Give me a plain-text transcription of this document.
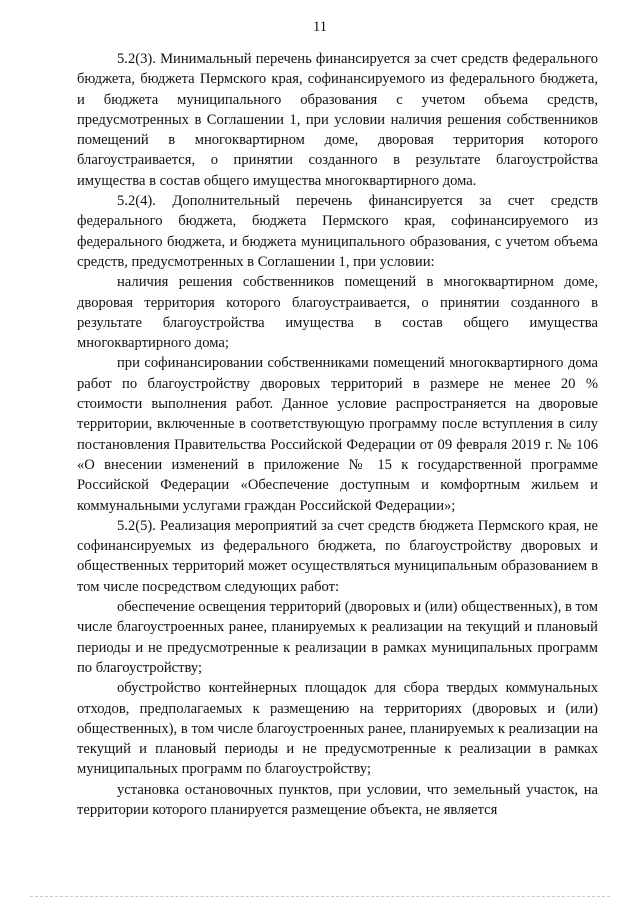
11

5.2(3). Минимальный перечень финансируется за счет средств федерального бюджета, бюджета Пермского края, софинансируемого из федерального бюджета, и бюджета муниципального образования с учетом объема средств, предусмотренных в Соглашении 1, при условии наличия решения собственников помещений в многоквартирном доме, дворовая территория которого благоустраивается, о принятии созданного в результате благоустройства имущества в состав общего имущества многоквартирного дома.

5.2(4). Дополнительный перечень финансируется за счет средств федерального бюджета, бюджета Пермского края, софинансируемого из федерального бюджета, и бюджета муниципального образования, с учетом объема средств, предусмотренных в Соглашении 1, при условии:

наличия решения собственников помещений в многоквартирном доме, дворовая территория которого благоустраивается, о принятии созданного в результате благоустройства имущества в состав общего имущества многоквартирного дома;

при софинансировании собственниками помещений многоквартирного дома работ по благоустройству дворовых территорий в размере не менее 20 % стоимости выполнения работ. Данное условие распространяется на дворовые территории, включенные в соответствующую программу после вступления в силу постановления Правительства Российской Федерации от 09 февраля 2019 г. № 106 «О внесении изменений в приложение № 15 к государственной программе Российской Федерации «Обеспечение доступным и комфортным жильем и коммунальными услугами граждан Российской Федерации»;

5.2(5). Реализация мероприятий за счет средств бюджета Пермского края, не софинансируемых из федерального бюджета, по благоустройству дворовых и общественных территорий может осуществляться муниципальным образованием в том числе посредством следующих работ:

обеспечение освещения территорий (дворовых и (или) общественных), в том числе благоустроенных ранее, планируемых к реализации на текущий и плановый периоды и не предусмотренные к реализации в рамках муниципальных программ по благоустройству;

обустройство контейнерных площадок для сбора твердых коммунальных отходов, предполагаемых к размещению на территориях (дворовых и (или) общественных), в том числе благоустроенных ранее, планируемых к реализации на текущий и плановый периоды и не предусмотренные к реализации в рамках муниципальных программ по благоустройству;

установка остановочных пунктов, при условии, что земельный участок, на территории которого планируется размещение объекта, не является
